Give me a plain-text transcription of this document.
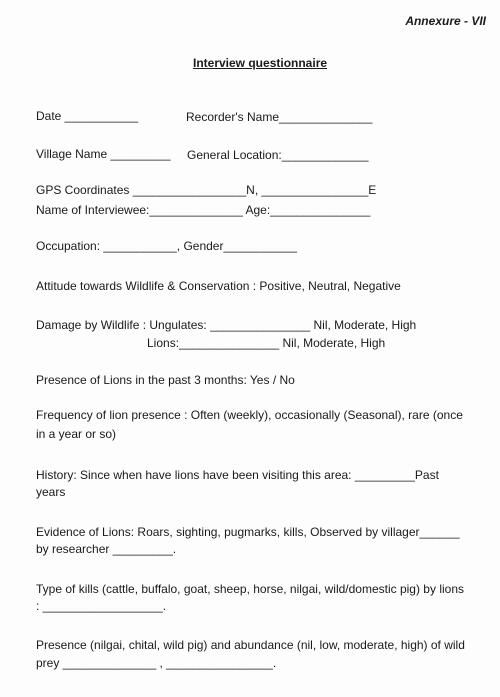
Annexure - VII
Interview questionnaire
Date ___________	Recorder's Name______________
Village Name _________ General Location:_____________
GPS Coordinates _________________N, ________________E
Name of Interviewee:______________ Age:_______________
Occupation: ___________, Gender___________
Attitude towards Wildlife & Conservation : Positive, Neutral, Negative
Damage by Wildlife : Ungulates: _______________ Nil, Moderate, High
Lions:_______________ Nil, Moderate, High
Presence of Lions in the past 3 months: Yes / No
Frequency of lion presence : Often (weekly), occasionally (Seasonal), rare (once
in a year or so)
History: Since when have lions have been visiting this area: _________Past
years
Evidence of Lions: Roars, sighting, pugmarks, kills, Observed by villager______
by researcher _________.
Type of kills (cattle, buffalo, goat, sheep, horse, nilgai, wild/domestic pig) by lions
: __________________.
Presence (nilgai, chital, wild pig) and abundance (nil, low, moderate, high) of wild
prey ______________ , ________________.
